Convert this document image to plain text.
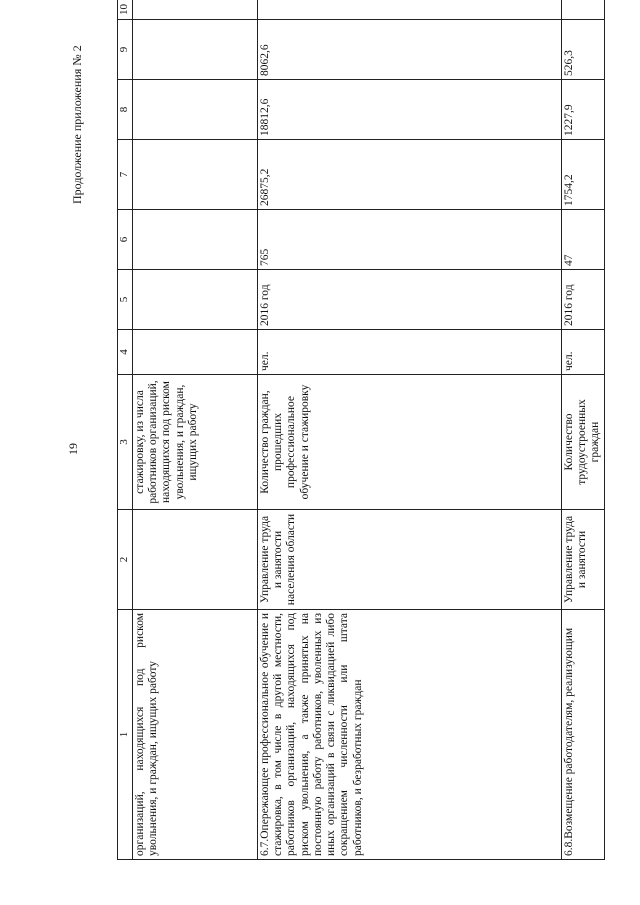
19
Продолжение приложения № 2
1	2	3	4	5	6	7	8	9	10	
организаций, находящихся под риском увольнения, и граждан, ищущих работу		стажировку, из числа работников организаций, находящихся под риском увольнения, и граждан, ищущих работу								
6.7.Опережающее профессиональное обучение и стажировка, в том числе в другой местности, работников организаций, находящихся под риском увольнения, а также принятых на постоянную работу работников, уволенных из иных организаций в связи с ликвидацией либо сокращением численности или штата работников, и безработных граждан	Управление труда и занятости населения области	Количество граждан, прошедших профессиональное обучение и стажировку	чел.	2016 год	765	26875,2	18812,6	8062,6		
6.8.Возмещение работодателям, реализующим	Управление труда и занятости	Количество трудоустроенных граждан	чел.	2016 год	47	1754,2	1227,9	526,3		
